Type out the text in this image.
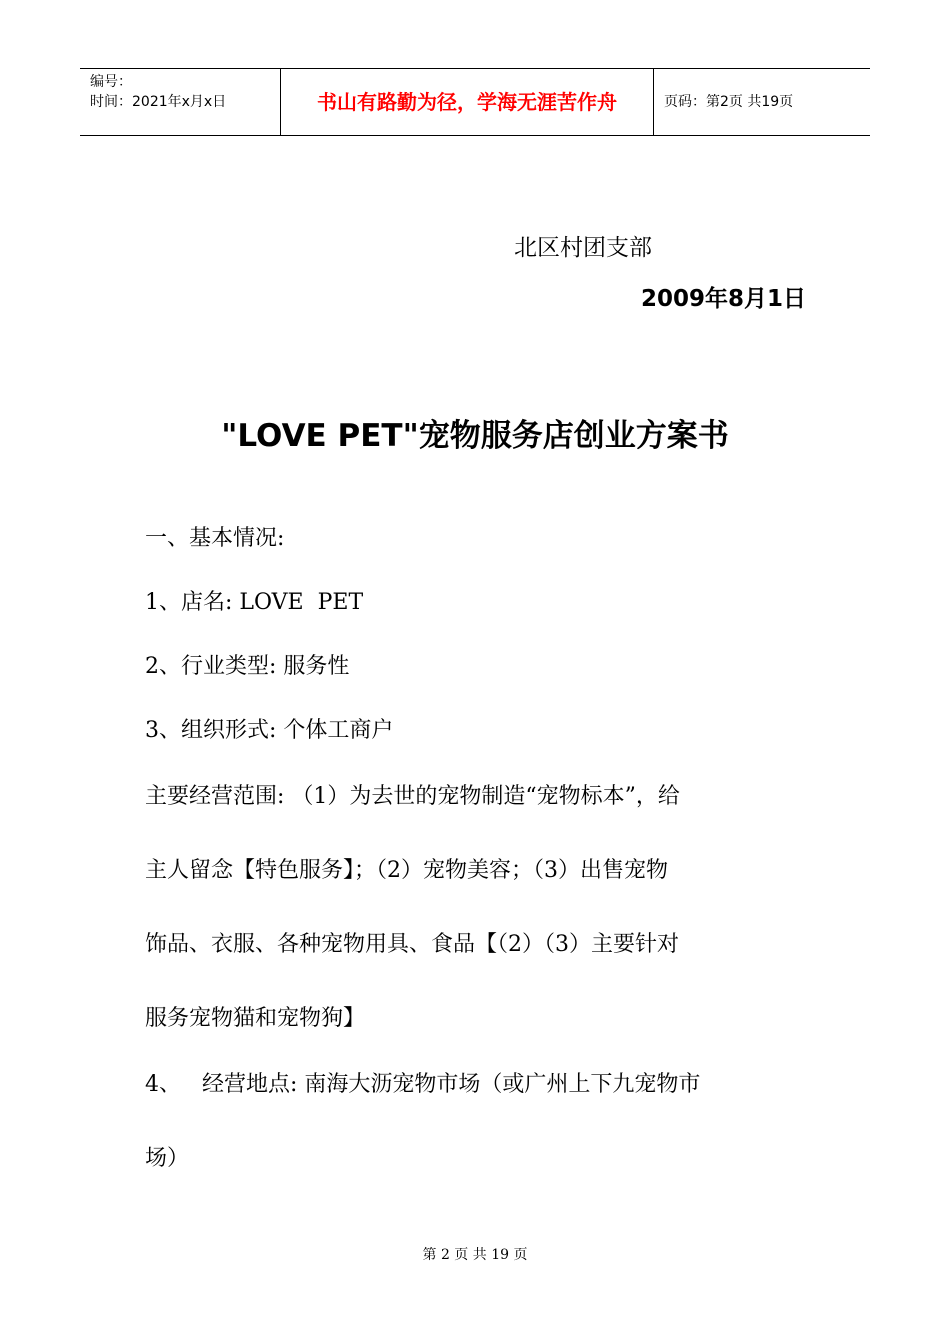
编号：
时间：2021年x月x日	书山有路勤为径，学海无涯苦作舟	页码：第2页 共19页
北区村团支部
2009年8月1日
"LOVE PET"宠物服务店创业方案书
一、基本情况:
1、店名: LOVE  PET
2、行业类型: 服务性
3、组织形式: 个体工商户
主要经营范围: （1）为去世的宠物制造“宠物标本”，给
主人留念【特色服务】；（2）宠物美容；（3）出售宠物
饰品、衣服、各种宠物用具、食品【（2）（3）主要针对
服务宠物猫和宠物狗】
4、   经营地点: 南海大沥宠物市场（或广州上下九宠物市
场）
第 2 页 共 19 页
